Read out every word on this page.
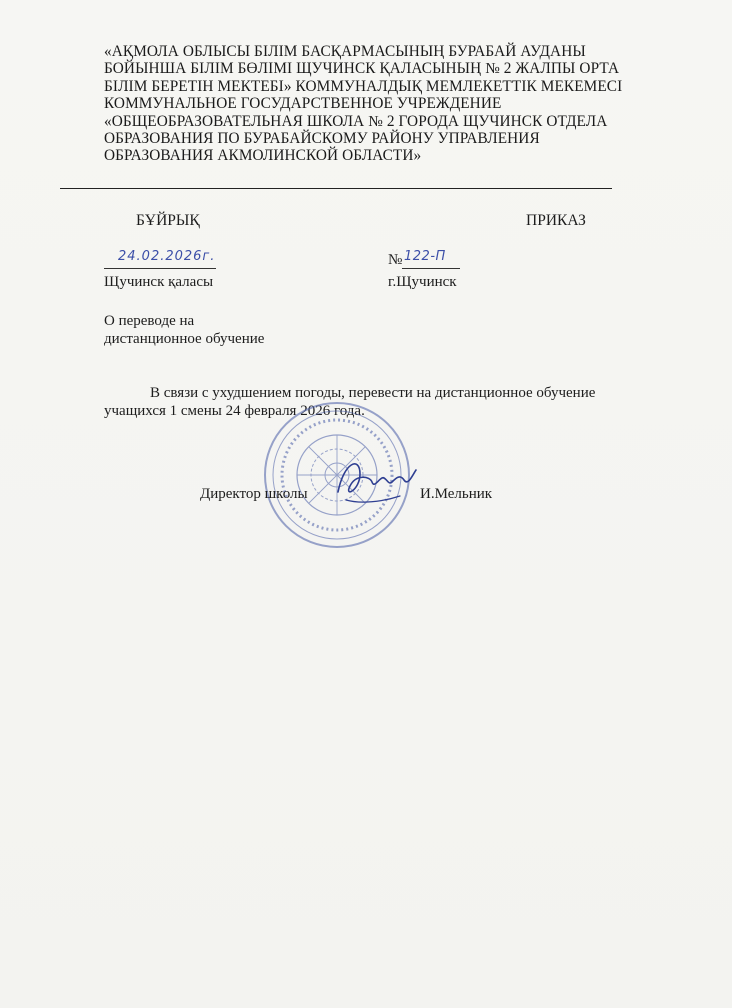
«АҚМОЛА ОБЛЫСЫ БІЛІМ БАСҚАРМАСЫНЫҢ БУРАБАЙ АУДАНЫ
БОЙЫНША БІЛІМ БӨЛІМІ ЩУЧИНСК ҚАЛАСЫНЫҢ № 2 ЖАЛПЫ ОРТА
БІЛІМ БЕРЕТІН МЕКТЕБІ» КОММУНАЛДЫҚ МЕМЛЕКЕТТІК МЕКЕМЕСІ
КОММУНАЛЬНОЕ ГОСУДАРСТВЕННОЕ УЧРЕЖДЕНИЕ
«ОБЩЕОБРАЗОВАТЕЛЬНАЯ ШКОЛА № 2 ГОРОДА ЩУЧИНСК ОТДЕЛА
ОБРАЗОВАНИЯ ПО БУРАБАЙСКОМУ РАЙОНУ УПРАВЛЕНИЯ
ОБРАЗОВАНИЯ АКМОЛИНСКОЙ ОБЛАСТИ»
БҰЙРЫҚ	ПРИКАЗ
24.02.2026г.	№ 122-П
Щучинск қаласы	г.Щучинск
О переводе на
дистанционное обучение
В связи с ухудшением погоды, перевести на дистанционное обучение
учащихся 1 смены 24 февраля 2026 года.
Директор школы	И.Мельник
